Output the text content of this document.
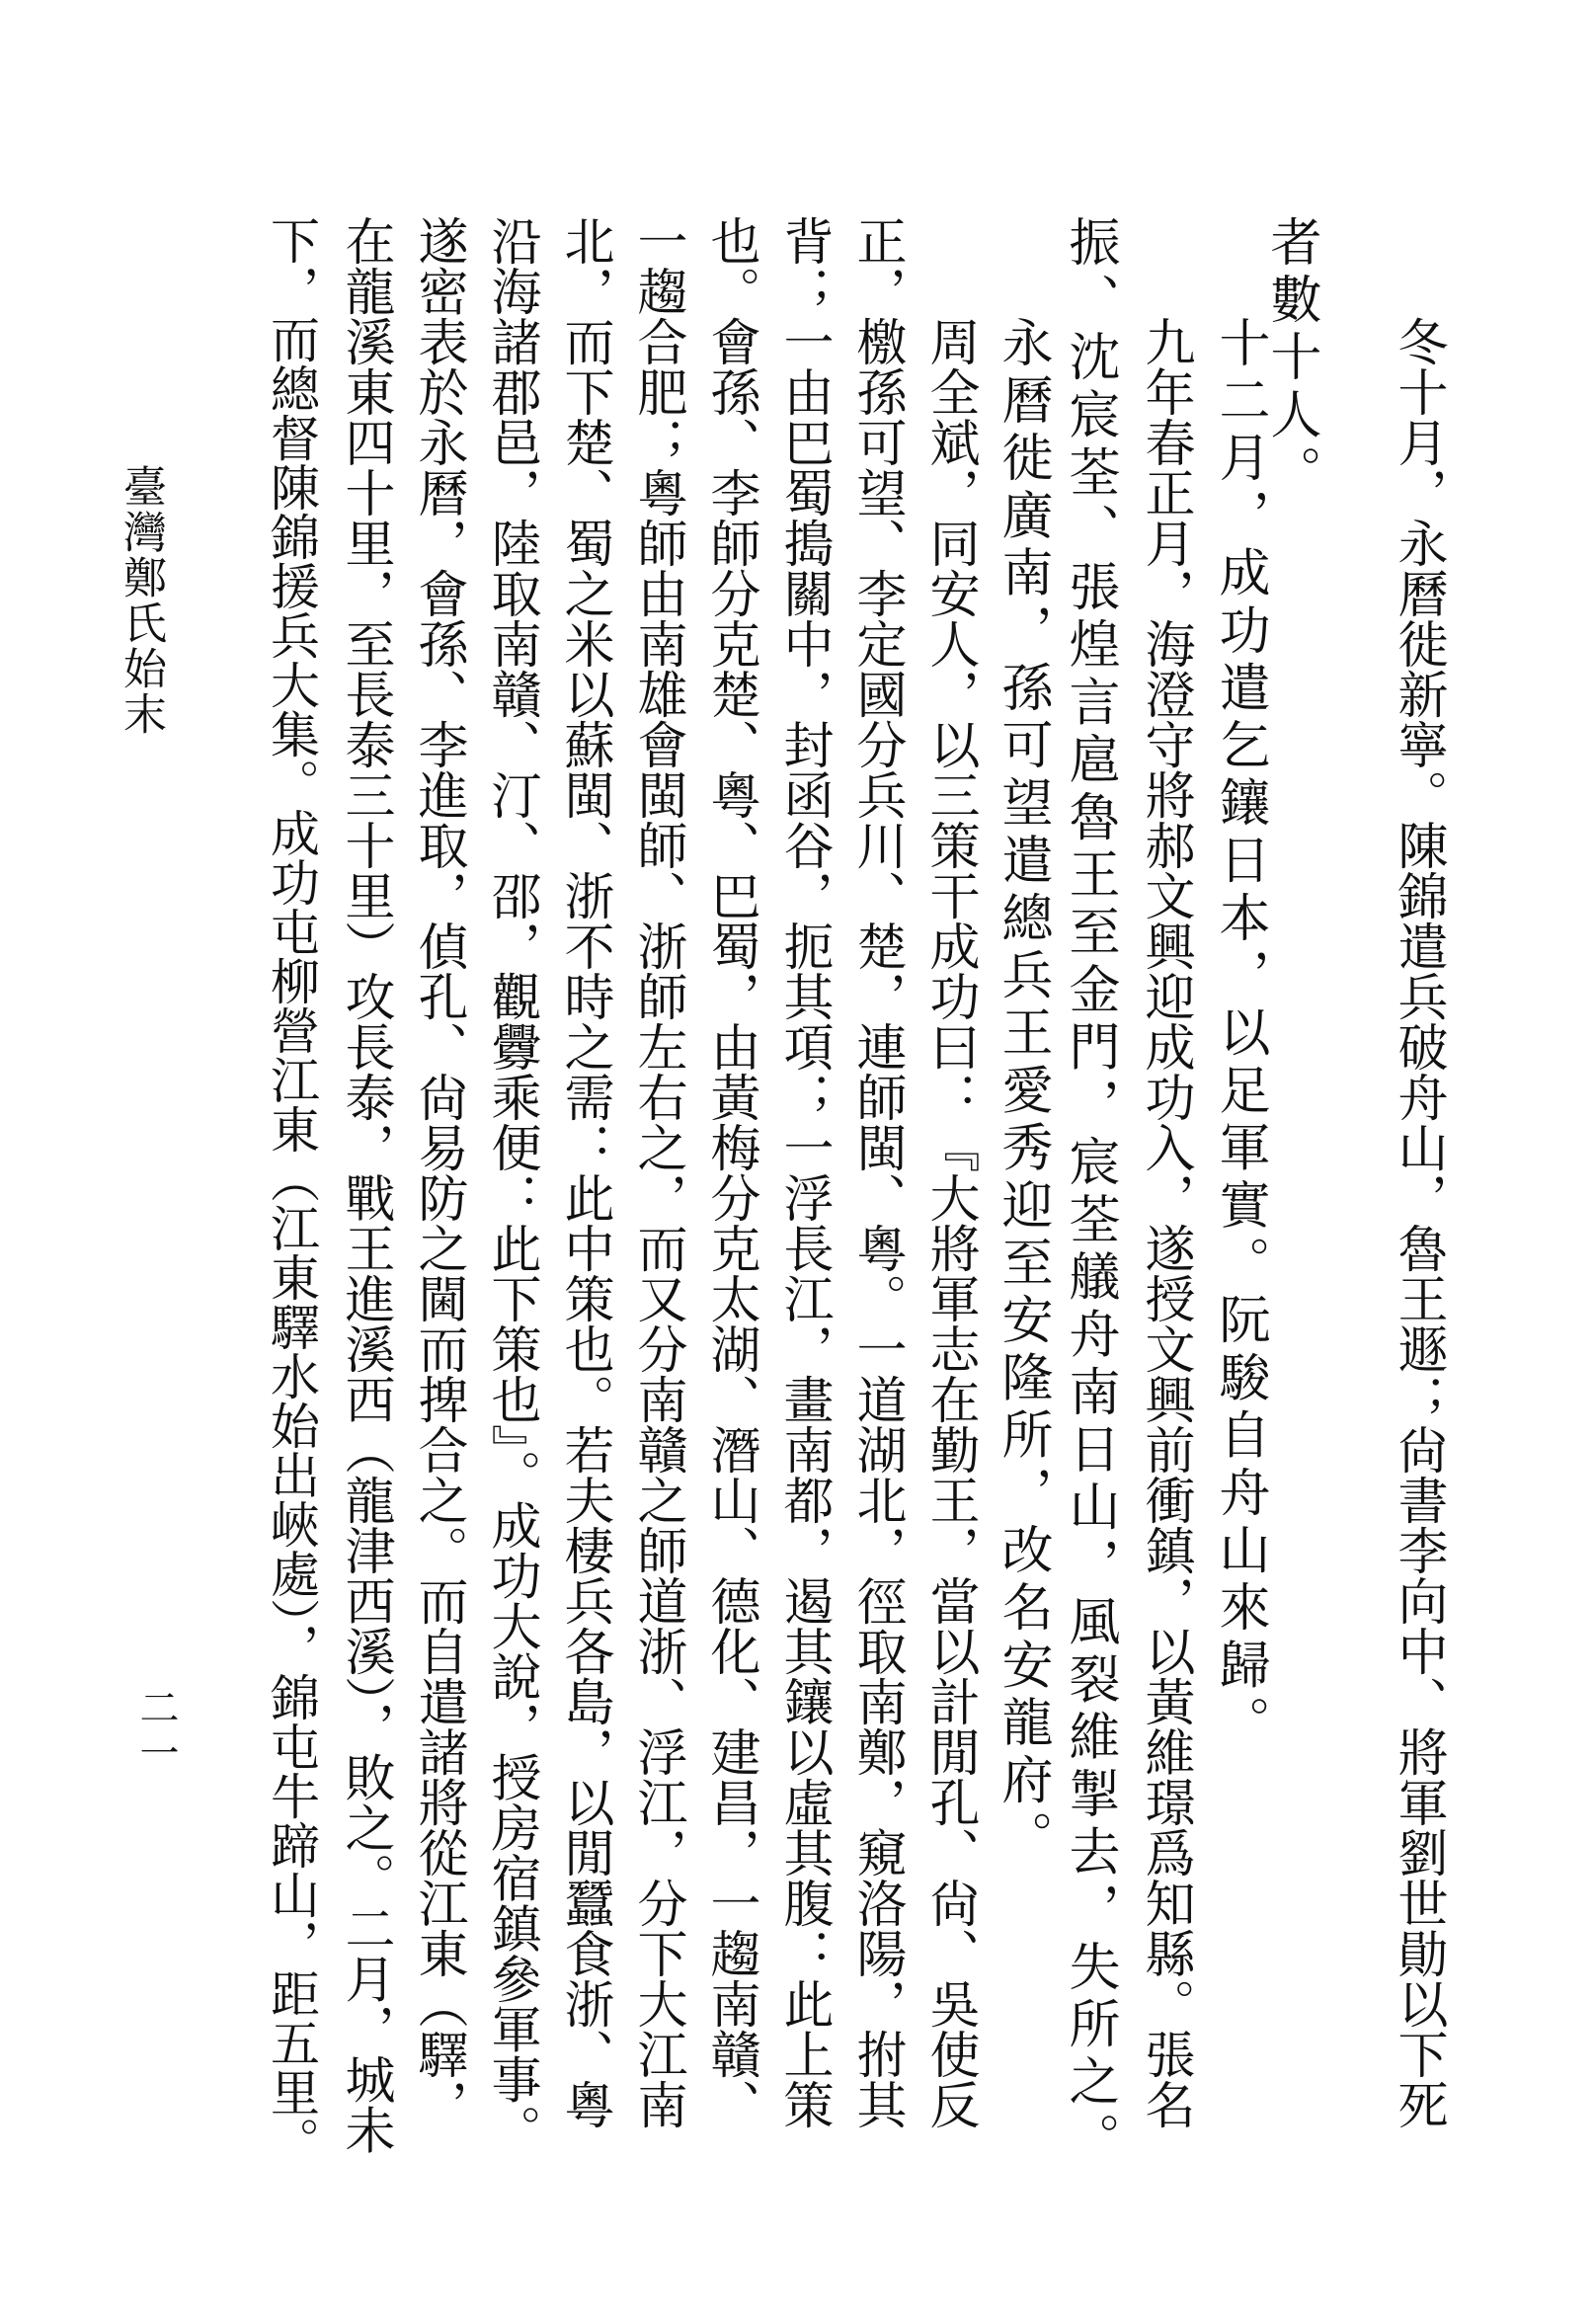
冬十月，永曆徙新寧。陳錦遣兵破舟山，魯王遯；尙書李向中、將軍劉世勛以下死
者數十人。
十二月，成功遣乞鑲日本，以足軍實。阮駿自舟山來歸。
九年春正月，海澄守將郝文興迎成功入，遂授文興前衝鎮，以黃維璟爲知縣。張名
振、沈宸荃、張煌言扈魯王至金門，宸荃艤舟南日山，風裂維掣去，失所之。
永曆徙廣南，孫可望遣總兵王愛秀迎至安隆所，改名安龍府。
周全斌，同安人，以三策干成功曰：『大將軍志在勤王，當以計閒孔、尙、吳使反
正，檄孫可望、李定國分兵川、楚，連師閩、粵。一道湖北，徑取南鄭，窺洛陽，拊其
背；一由巴蜀搗關中，封函谷，扼其項；一浮長江，畫南都，遏其鑲以虛其腹：此上策
也。會孫、李師分克楚、粵、巴蜀，由黃梅分克太湖、潛山、德化、建昌，一趨南贛、
一趨合肥；粵師由南雄會閩師、浙師左右之，而又分南贛之師道浙、浮江，分下大江南
北，而下楚、蜀之米以蘇閩、浙不時之需：此中策也。若夫棲兵各島，以閒蠶食浙、粵
沿海諸郡邑，陸取南贛、汀、邵，觀釁乘便：此下策也』。成功大說，授房宿鎮參軍事。
遂密表於永曆，會孫、李進取，偵孔、尙易防之閫而捭合之。而自遣諸將從江東（驛，
在龍溪東四十里，至長泰三十里）攻長泰，戰王進溪西（龍津西溪），敗之。二月，城未
下，而總督陳錦援兵大集。成功屯柳營江東（江東驛水始出峽處），錦屯牛蹄山，距五里。
臺灣鄭氏始末
二一
